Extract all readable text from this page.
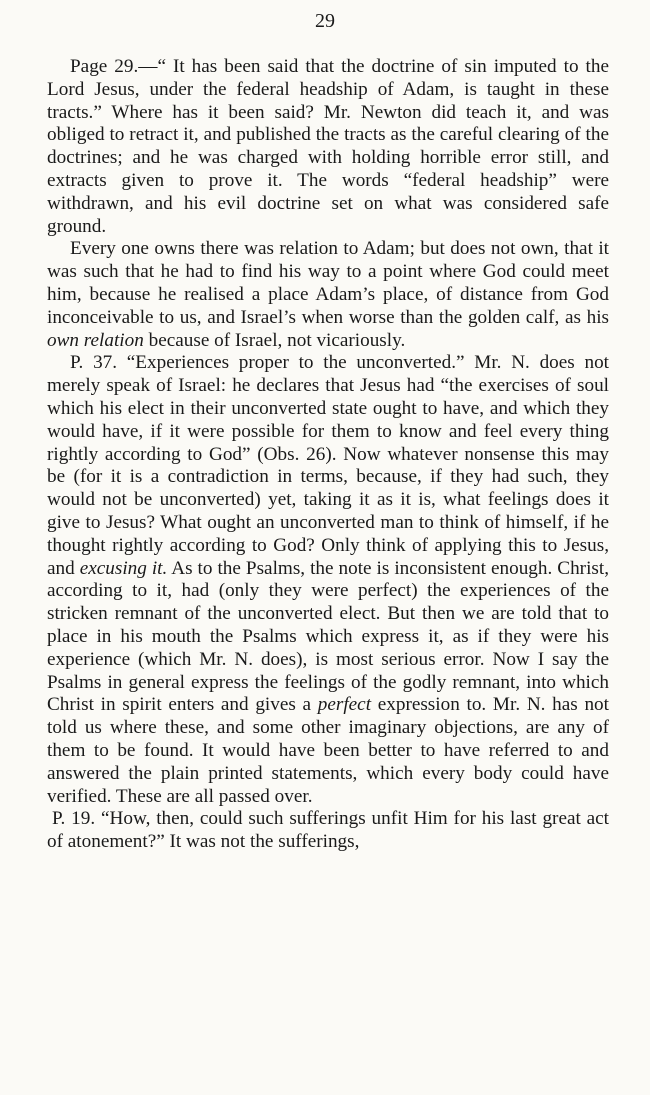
29

Page 29.—“ It has been said that the doctrine of sin imputed to the Lord Jesus, under the federal headship of Adam, is taught in these tracts.” Where has it been said? Mr. Newton did teach it, and was obliged to retract it, and published the tracts as the careful clearing of the doctrines; and he was charged with holding horrible error still, and extracts given to prove it. The words “federal headship” were withdrawn, and his evil doctrine set on what was considered safe ground.

Every one owns there was relation to Adam; but does not own, that it was such that he had to find his way to a point where God could meet him, because he realised a place Adam’s place, of distance from God inconceivable to us, and Israel’s when worse than the golden calf, as his own relation because of Israel, not vicariously.

P. 37. “Experiences proper to the unconverted.” Mr. N. does not merely speak of Israel: he declares that Jesus had “the exercises of soul which his elect in their unconverted state ought to have, and which they would have, if it were possible for them to know and feel every thing rightly according to God” (Obs. 26). Now whatever nonsense this may be (for it is a contradiction in terms, because, if they had such, they would not be unconverted) yet, taking it as it is, what feelings does it give to Jesus? What ought an unconverted man to think of himself, if he thought rightly according to God? Only think of applying this to Jesus, and excusing it. As to the Psalms, the note is inconsistent enough. Christ, according to it, had (only they were perfect) the experiences of the stricken remnant of the unconverted elect. But then we are told that to place in his mouth the Psalms which express it, as if they were his experience (which Mr. N. does), is most serious error. Now I say the Psalms in general express the feelings of the godly remnant, into which Christ in spirit enters and gives a perfect expression to. Mr. N. has not told us where these, and some other imaginary objections, are any of them to be found. It would have been better to have referred to and answered the plain printed statements, which every body could have verified. These are all passed over.

P. 19. “How, then, could such sufferings unfit Him for his last great act of atonement?” It was not the sufferings,
